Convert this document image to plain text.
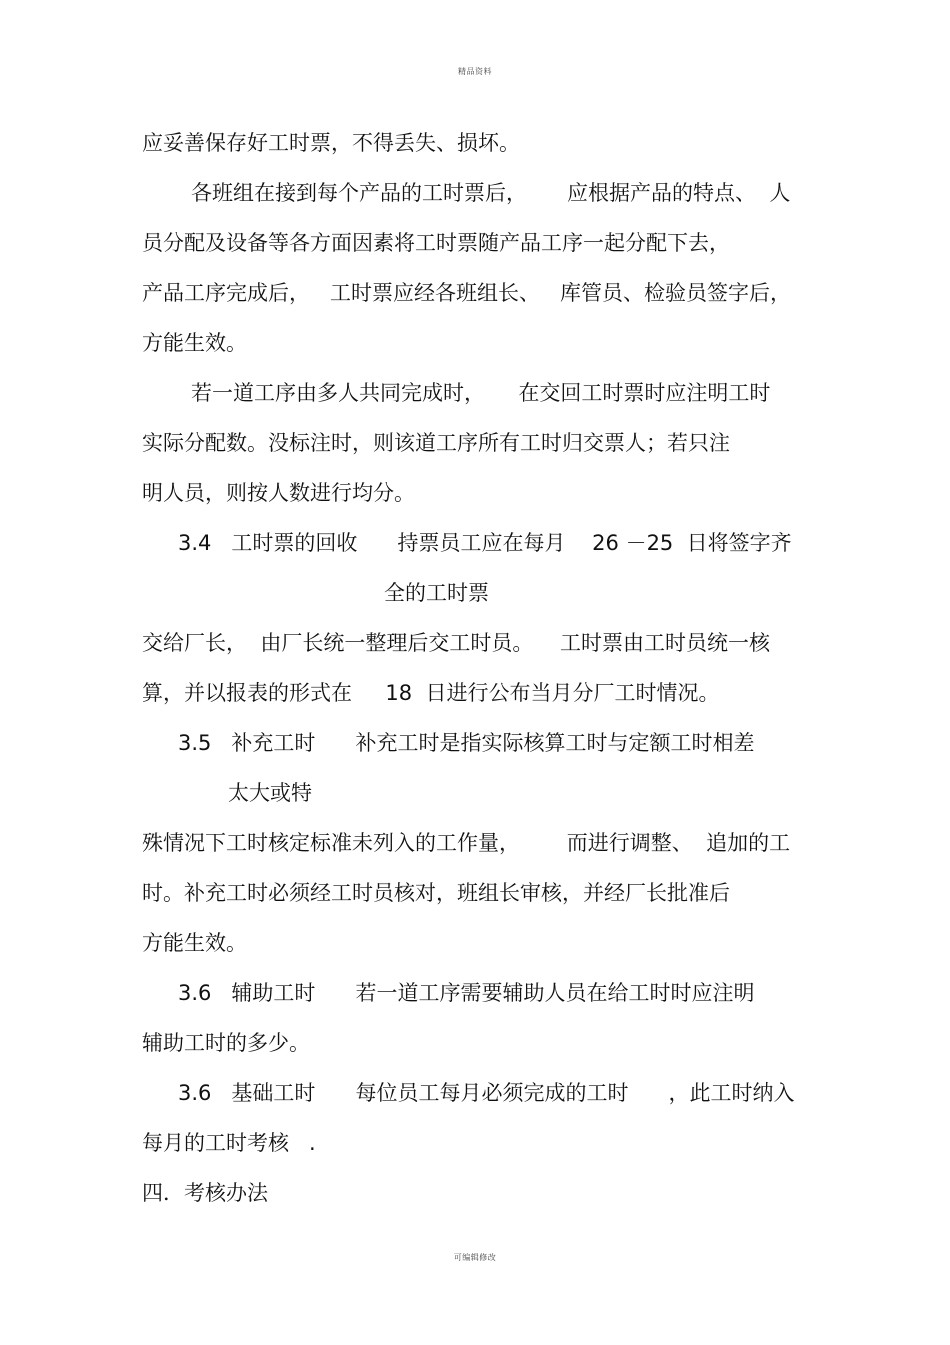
精品资料
应妥善保存好工时票，不得丢失、损坏。
各班组在接到每个产品的工时票后，      应根据产品的特点、  人
员分配及设备等各方面因素将工时票随产品工序一起分配下去，
产品工序完成后，   工时票应经各班组长、   库管员、检验员签字后，
方能生效。
若一道工序由多人共同完成时，     在交回工时票时应注明工时
实际分配数。没标注时，则该道工序所有工时归交票人；若只注
明人员，则按人数进行均分。
3.4   工时票的回收      持票员工应在每月    26 －25  日将签字齐
全的工时票
交给厂长，  由厂长统一整理后交工时员。    工时票由工时员统一核
算，并以报表的形式在     18  日进行公布当月分厂工时情况。
3.5   补充工时      补充工时是指实际核算工时与定额工时相差
太大或特
殊情况下工时核定标准未列入的工作量，       而进行调整、  追加的工
时。补充工时必须经工时员核对，班组长审核，并经厂长批准后
方能生效。
3.6   辅助工时      若一道工序需要辅助人员在给工时时应注明
辅助工时的多少。
3.6   基础工时      每位员工每月必须完成的工时      ，此工时纳入
每月的工时考核   .
四．考核办法
可编辑修改
